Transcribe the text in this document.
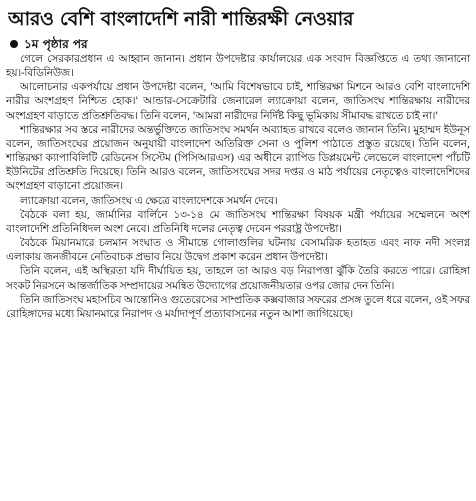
আরও বেশি বাংলাদেশি নারী শান্তিরক্ষী নেওয়ার
১ম পৃষ্ঠার পর

গেলে সেরকারপ্রধান এ আহ্বান জানান। প্রধান উপদেষ্টার কার্যালয়ের এক সংবাদ বিজ্ঞপ্তিতে এ তথ্য জানানো হয়।-বিডিনিউজ।

আলোচনার একপর্যায়ে প্রধান উপদেষ্টা বলেন, 'আমি বিশেষভাবে চাই, শান্তিরক্ষা মিশনে আরও বেশি বাংলাদেশি নারীর অংশগ্রহণ নিশ্চিত হোক।' আন্ডার-সেক্রেটারি জেনারেল ল্যাক্রোয়া বলেন, জাতিসংঘ শান্তিরক্ষায় নারীদের অংশগ্রহণ বাড়াতে প্রতিশ্রুতিবদ্ধ। তিনি বলেন, 'আমরা নারীদের নির্দিষ্ট কিছু ভূমিকায় সীমাবদ্ধ রাখতে চাই না।'

শান্তিরক্ষার সব স্তরে নারীদের অন্তর্ভুক্তিতে জাতিসংঘ সমর্থন অব্যাহত রাখবে বলেও জানান তিনি। মুহাম্মদ ইউনূস বলেন, জাতিসংঘের প্রয়োজন অনুযায়ী বাংলাদেশ অতিরিক্ত সেনা ও পুলিশ পাঠাতে প্রস্তুত রয়েছে। তিনি বলেন, শান্তিরক্ষা ক্যাপাবিলিটি রেডিনেস সিস্টেম (পিসিআরএস) এর অধীনে র‍্যাপিড ডিপ্লয়মেন্ট লেভেলে বাংলাদেশ পাঁচটি ইউনিটের প্রতিশ্রুতি দিয়েছে। তিনি আরও বলেন, জাতিসংঘের সদর দপ্তর ও মাঠ পর্যায়ের নেতৃত্বেও বাংলাদেশিদের অংশগ্রহণ বাড়ানো প্রয়োজন।

ল্যাক্রোয়া বলেন, জাতিসংঘ এ ক্ষেত্রে বাংলাদেশকে সমর্থন দেবে।

বৈঠকে বলা হয়, জার্মানির বার্লিনে ১৩-১৪ মে জাতিসংঘ শান্তিরক্ষা বিষয়ক মন্ত্রী পর্যায়ের সম্মেলনে অংশ বাংলাদেশি প্রতিনিধিদল অংশ নেবে। প্রতিনিধি দলের নেতৃত্ব দেবেন পররাষ্ট্র উপদেষ্টা।

বৈঠকে মিয়ানমারে চলমান সংঘাত ও সীমান্তে গোলাগুলির ঘটনায় বেসামরিক হতাহত এবং নাফ নদী সংলগ্ন এলাকায় জনজীবনে নেতিবাচক প্রভাব নিয়ে উদ্বেগ প্রকাশ করেন প্রধান উপদেষ্টা।

তিনি বলেন, এই অস্থিরতা যদি দীর্ঘায়িত হয়, তাহলে তা আরও বড় নিরাপত্তা ঝুঁকি তৈরি করতে পারে। রোহিঙ্গা সংকট নিরসনে আন্তর্জাতিক সম্প্রদায়ের সমন্বিত উদ্যোগের প্রয়োজনীয়তার ওপর জোর দেন তিনি।

তিনি জাতিসংঘ মহাসচিব আন্তোনিও গুতেরেসের সাম্প্রতিক কক্সবাজার সফরের প্রসঙ্গ তুলে ধরে বলেন, ওই সফর রোহিঙ্গাদের মধ্যে মিয়ানমারে নিরাপদ ও মর্যাদাপূর্ণ প্রত্যাবাসনের নতুন আশা জাগিয়েছে।
